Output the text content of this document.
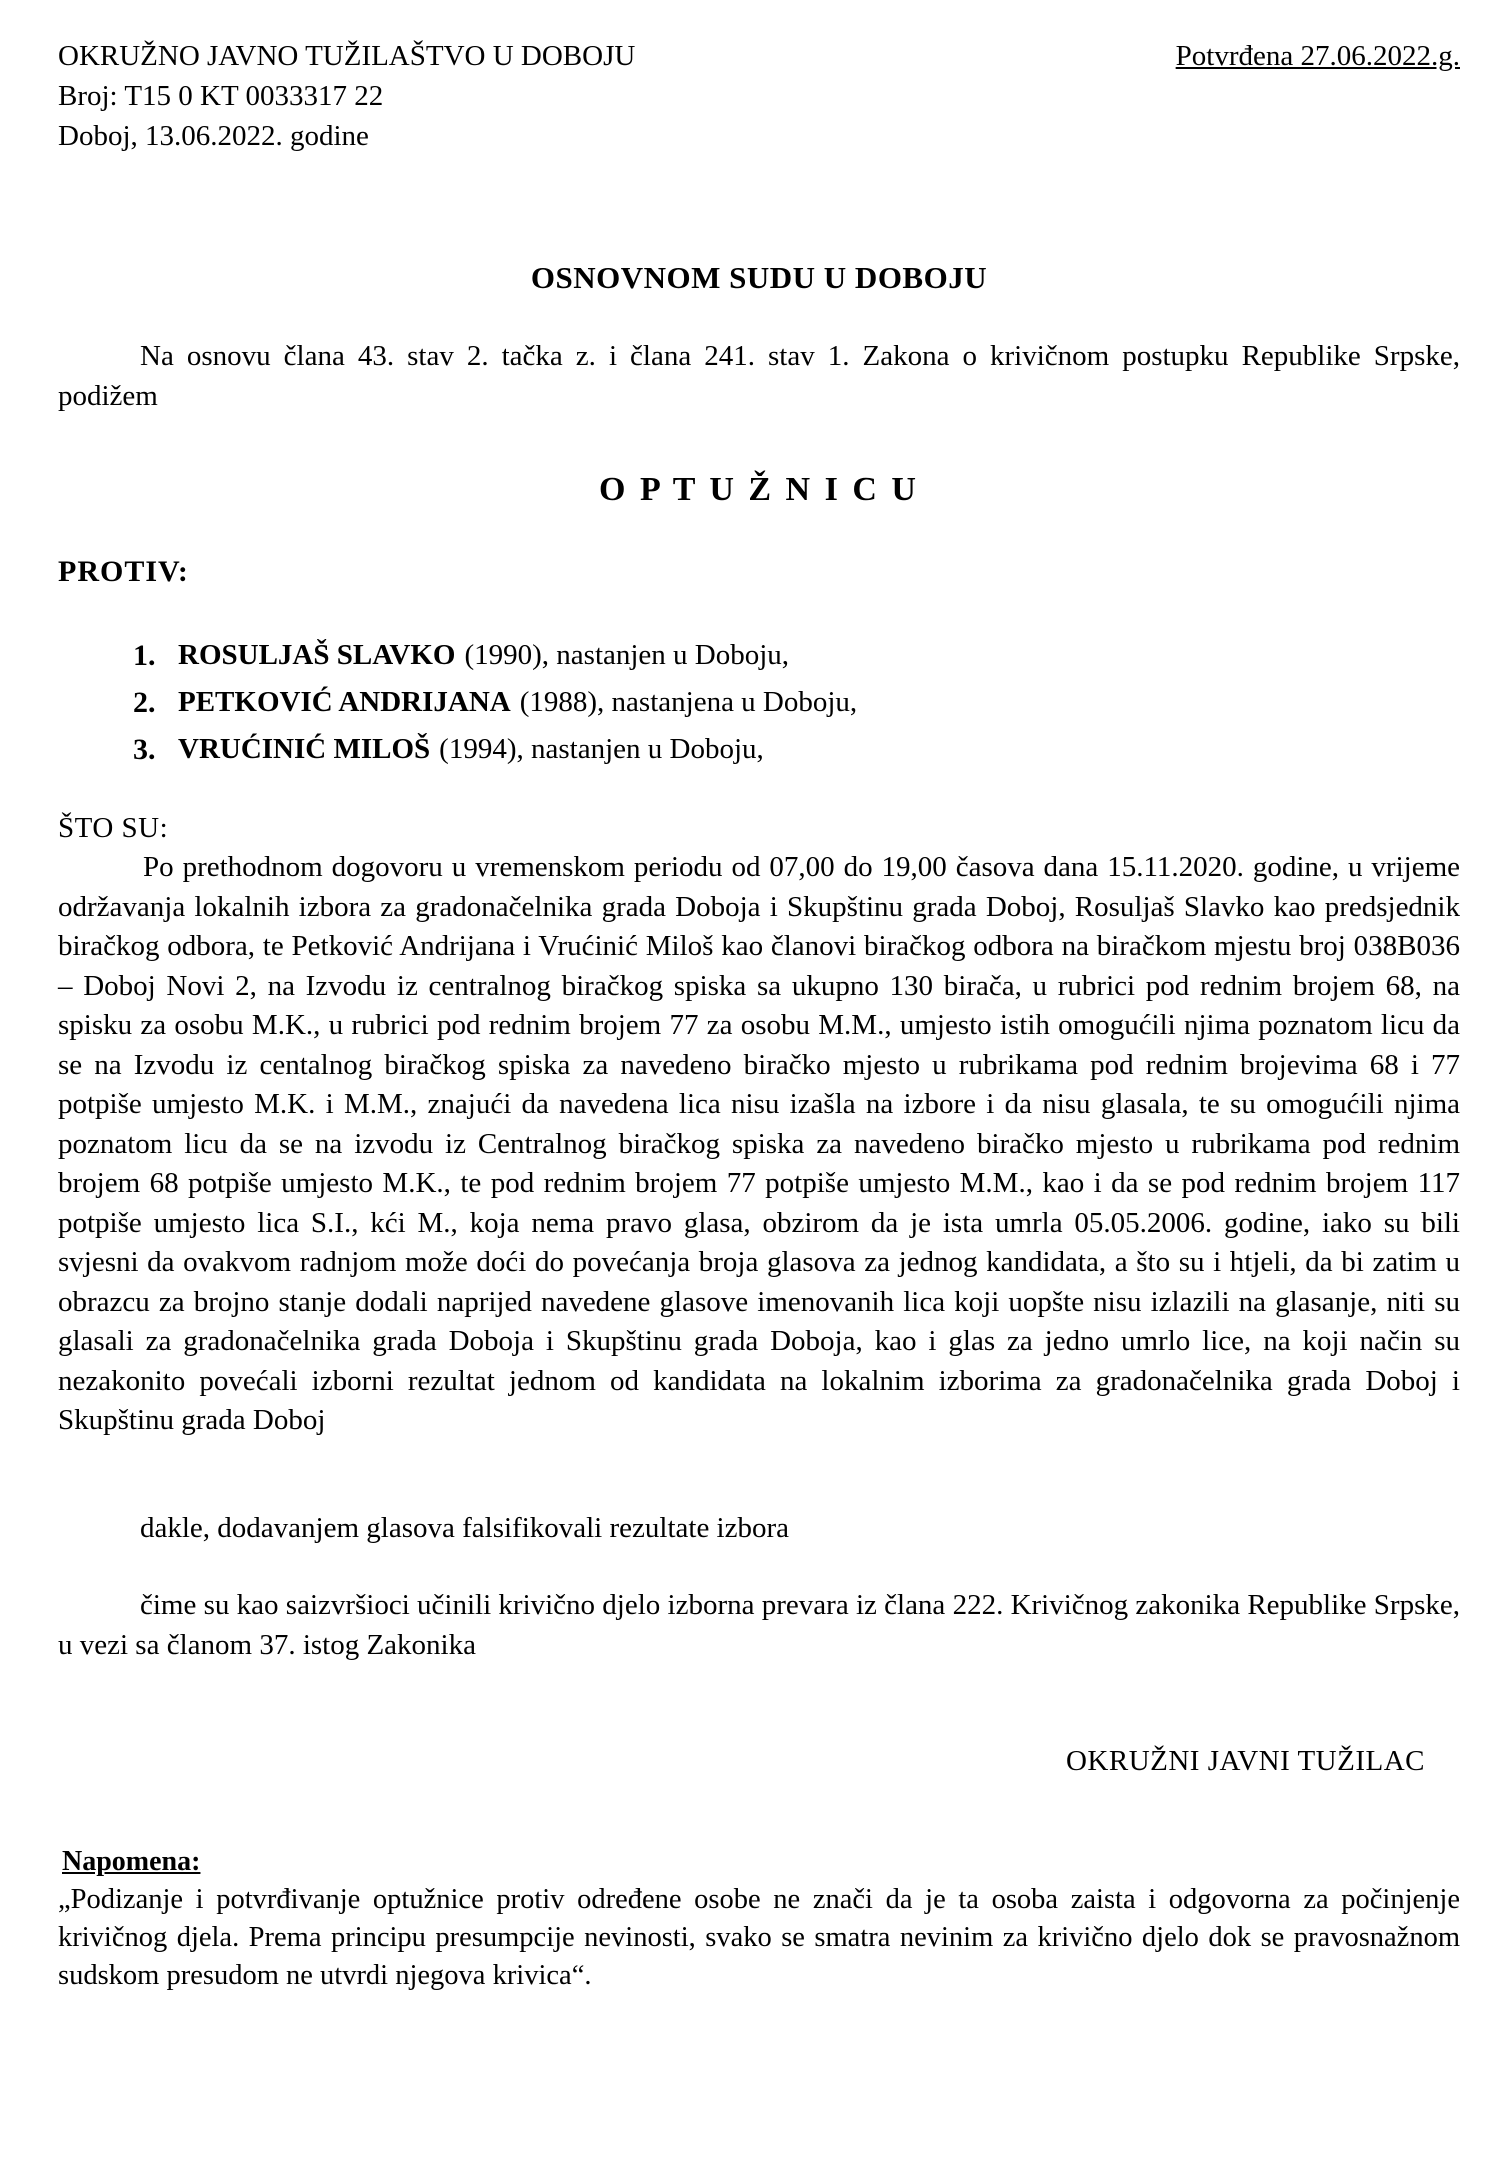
OKRUŽNO JAVNO TUŽILAŠTVO U DOBOJU	Potvrđena 27.06.2022.g.
Broj: T15 0 KT 0033317 22
Doboj, 13.06.2022. godine
OSNOVNOM SUDU U DOBOJU

Na osnovu člana 43. stav 2. tačka z. i člana 241. stav 1. Zakona o krivičnom postupku Republike Srpske, podižem

O P T U Ž N I C U
PROTIV:
1. ROSULJAŠ SLAVKO (1990), nastanjen u Doboju,
2. PETKOVIĆ ANDRIJANA (1988), nastanjena u Doboju,
3. VRUĆINIĆ MILOŠ (1994), nastanjen u Doboju,
ŠTO SU:

Po prethodnom dogovoru u vremenskom periodu od 07,00 do 19,00 časova dana 15.11.2020. godine, u vrijeme održavanja lokalnih izbora za gradonačelnika grada Doboja i Skupštinu grada Doboj, Rosuljaš Slavko kao predsjednik biračkog odbora, te Petković Andrijana i Vrućinić Miloš kao članovi biračkog odbora na biračkom mjestu broj 038B036 – Doboj Novi 2, na Izvodu iz centralnog biračkog spiska sa ukupno 130 birača, u rubrici pod rednim brojem 68, na spisku za osobu M.K., u rubrici pod rednim brojem 77 za osobu M.M., umjesto istih omogućili njima poznatom licu da se na Izvodu iz centalnog biračkog spiska za navedeno biračko mjesto u rubrikama pod rednim brojevima 68 i 77 potpiše umjesto M.K. i M.M., znajući da navedena lica nisu izašla na izbore i da nisu glasala, te su omogućili njima poznatom licu da se na izvodu iz Centralnog biračkog spiska za navedeno biračko mjesto u rubrikama pod rednim brojem 68 potpiše umjesto M.K., te pod rednim brojem 77 potpiše umjesto M.M., kao i da se pod rednim brojem 117 potpiše umjesto lica S.I., kći M., koja nema pravo glasa, obzirom da je ista umrla 05.05.2006. godine, iako su bili svjesni da ovakvom radnjom može doći do povećanja broja glasova za jednog kandidata, a što su i htjeli, da bi zatim u obrazcu za brojno stanje dodali naprijed navedene glasove imenovanih lica koji uopšte nisu izlazili na glasanje, niti su glasali za gradonačelnika grada Doboja i Skupštinu grada Doboja, kao i glas za jedno umrlo lice, na koji način su nezakonito povećali izborni rezultat jednom od kandidata na lokalnim izborima za gradonačelnika grada Doboj i Skupštinu grada Doboj

dakle, dodavanjem glasova falsifikovali rezultate izbora

čime su kao saizvršioci učinili krivično djelo izborna prevara iz člana 222. Krivičnog zakonika Republike Srpske, u vezi sa članom 37. istog Zakonika

OKRUŽNI JAVNI TUŽILAC
Napomena:

„Podizanje i potvrđivanje optužnice protiv određene osobe ne znači da je ta osoba zaista i odgovorna za počinjenje krivičnog djela. Prema principu presumpcije nevinosti, svako se smatra nevinim za krivično djelo dok se pravosnažnom sudskom presudom ne utvrdi njegova krivica“.
